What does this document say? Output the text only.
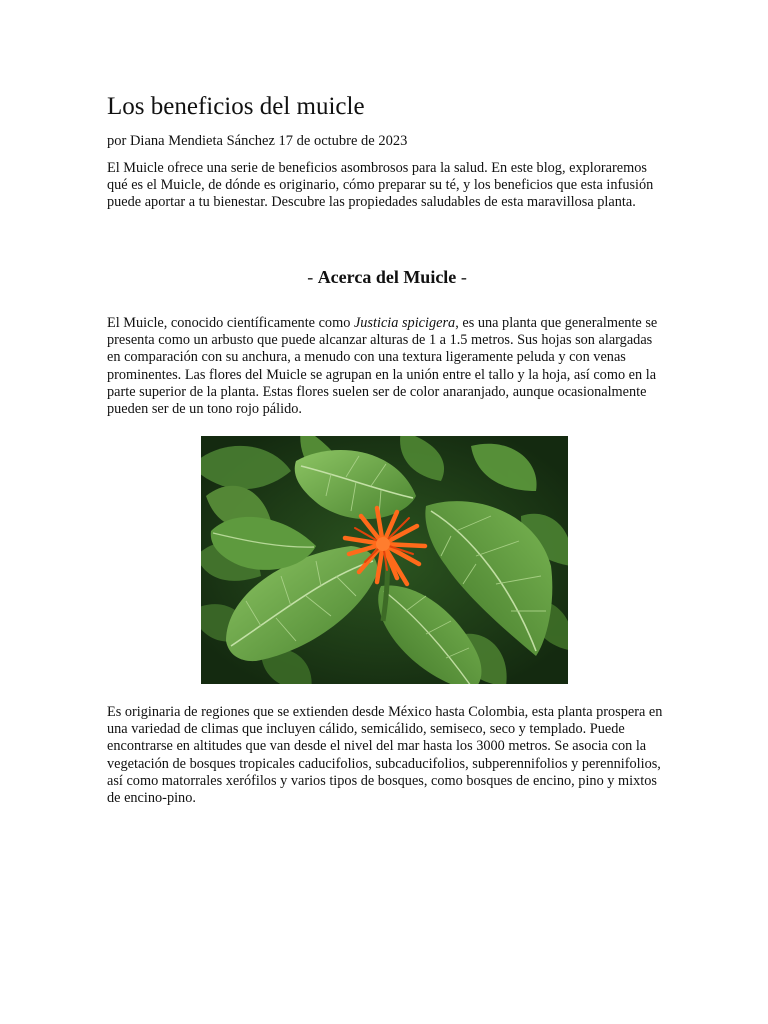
Los beneficios del muicle

por Diana Mendieta Sánchez 17 de octubre de 2023

El Muicle ofrece una serie de beneficios asombrosos para la salud. En este blog, exploraremos qué es el Muicle, de dónde es originario, cómo preparar su té, y los beneficios que esta infusión puede aportar a tu bienestar. Descubre las propiedades saludables de esta maravillosa planta.

- Acerca del Muicle -

El Muicle, conocido científicamente como Justicia spicigera, es una planta que generalmente se presenta como un arbusto que puede alcanzar alturas de 1 a 1.5 metros. Sus hojas son alargadas en comparación con su anchura, a menudo con una textura ligeramente peluda y con venas prominentes. Las flores del Muicle se agrupan en la unión entre el tallo y la hoja, así como en la parte superior de la planta. Estas flores suelen ser de color anaranjado, aunque ocasionalmente pueden ser de un tono rojo pálido.

Es originaria de regiones que se extienden desde México hasta Colombia, esta planta prospera en una variedad de climas que incluyen cálido, semicálido, semiseco, seco y templado. Puede encontrarse en altitudes que van desde el nivel del mar hasta los 3000 metros. Se asocia con la vegetación de bosques tropicales caducifolios, subcaducifolios, subperennifolios y perennifolios, así como matorrales xerófilos y varios tipos de bosques, como bosques de encino, pino y mixtos de encino-pino.
